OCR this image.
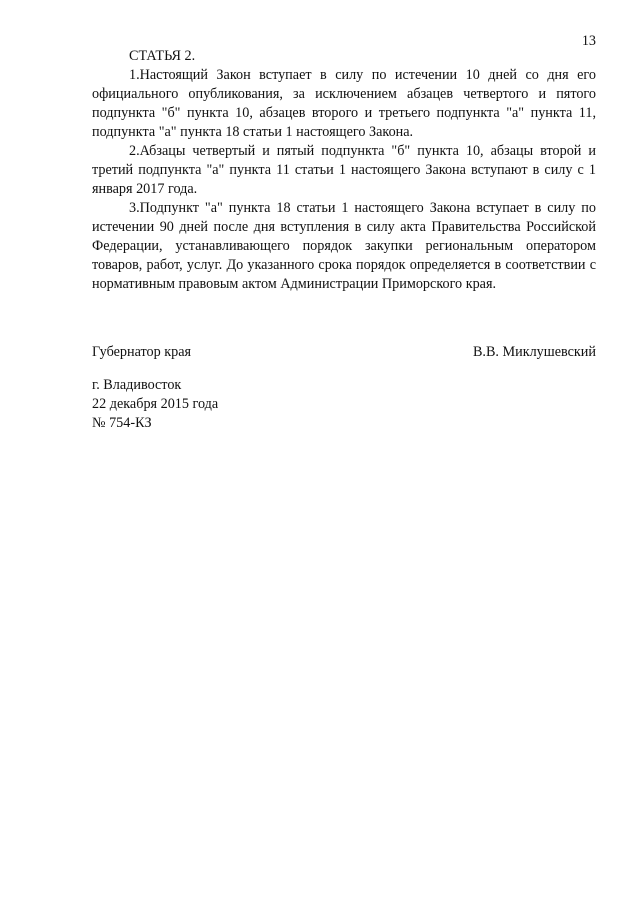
13
СТАТЬЯ 2.

1.Настоящий Закон вступает в силу по истечении 10 дней со дня его официального опубликования, за исключением абзацев четвертого и пятого подпункта "б" пункта 10, абзацев второго и третьего подпункта "а" пункта 11, подпункта "а" пункта 18 статьи 1 настоящего Закона.

2.Абзацы четвертый и пятый подпункта "б" пункта 10, абзацы второй и третий подпункта "а" пункта 11 статьи 1 настоящего Закона вступают в силу с 1 января 2017 года.

3.Подпункт "а" пункта 18 статьи 1 настоящего Закона вступает в силу по истечении 90 дней после дня вступления в силу акта Правительства Российской Федерации, устанавливающего порядок закупки региональным оператором товаров, работ, услуг. До указанного срока порядок определяется в соответствии с нормативным правовым актом Администрации Приморского края.

Губернатор края	В.В. Миклушевский
г. Владивосток
22 декабря 2015 года
№ 754-КЗ
